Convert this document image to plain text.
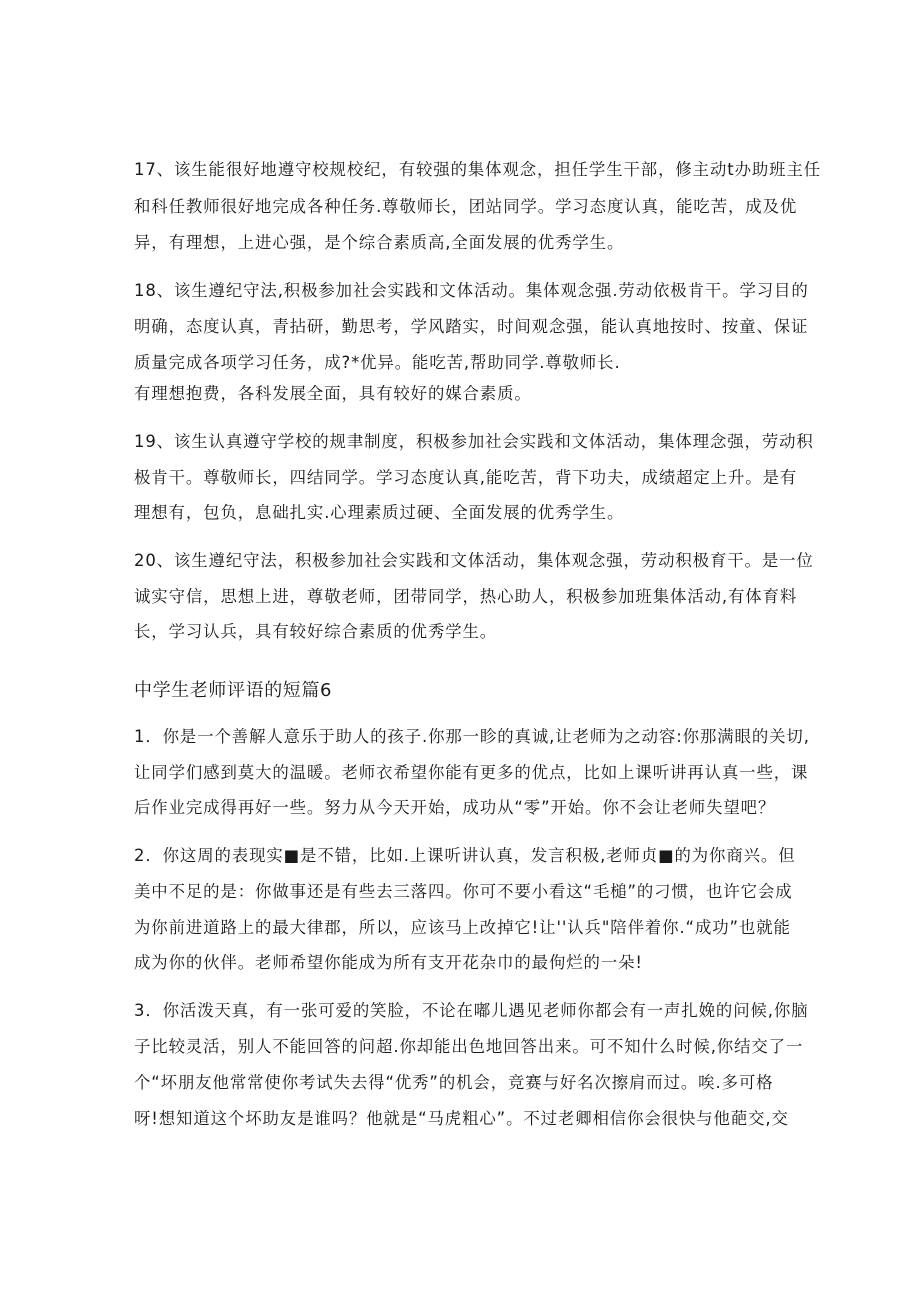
17、该生能很好地遵守校规校纪，有较强的集体观念，担任学生干部，修主动t办助班主任
和科任教师很好地完成各种任务.尊敬师长，团站同学。学习态度认真，能吃苦，成及优
异，有理想，上进心强，是个综合素质高,全面发展的优秀学生。
18、该生遵纪守法,积极参加社会实践和文体活动。集体观念强.劳动依极肯干。学习目的
明确，态度认真，青拈研，勤思考，学风踏实，时间观念强，能认真地按时、按童、保证
质量完成各项学习任务，成?*优异。能吃苦,帮助同学.尊敬师长.
有理想抱费，各科发展全面，具有较好的媒合素质。
19、该生认真遵守学校的规聿制度，积极参加社会实践和文体活动，集体理念强，劳动积
极肯干。尊敬师长，四结同学。学习态度认真,能吃苦，背下功夫，成绩超定上升。是有
理想有，包负，息础扎实.心理素质过硬、全面发展的优秀学生。
20、该生遵纪守法，积极参加社会实践和文体活动，集体观念强，劳动积极育干。是一位
诚实守信，思想上进，尊敬老师，团带同学，热心助人，积极参加班集体活动,有体育料
长，学习认兵，具有较好综合素质的优秀学生。
中学生老师评语的短篇6
1．你是一个善解人意乐于助人的孩子.你那一眕的真诚,让老师为之动容:你那满眼的关切,
让同学们感到莫大的温暖。老师衣希望你能有更多的优点，比如上课听讲再认真一些，课
后作业完成得再好一些。努力从今天开始，成功从“零”开始。你不会让老师失望吧？
2．你这周的表现实■是不错，比如.上课听讲认真，发言积极,老师贞■的为你商兴。但
美中不足的是：你做事还是有些去三落四。你可不要小看这“毛槌”的刁惯，也许它会成
为你前进道路上的最大律郡，所以，应该马上改掉它!让''认兵"陪伴着你.“成功”也就能
成为你的伙伴。老师希望你能成为所有支开花杂巾的最佝烂的一朵!
3．你活泼天真，有一张可爱的笑脸，不论在嘟儿遇见老师你都会有一声扎娩的问候,你脑
子比较灵活，别人不能回答的问超.你却能出色地回答出来。可不知什么时候,你结交了一
个“坏朋友他常常使你考试失去得“优秀”的机会，竞赛与好名次擦肩而过。唉.多可格
呀!想知道这个坏助友是谁吗？他就是“马虎粗心”。不过老卿相信你会很快与他葩交,交
